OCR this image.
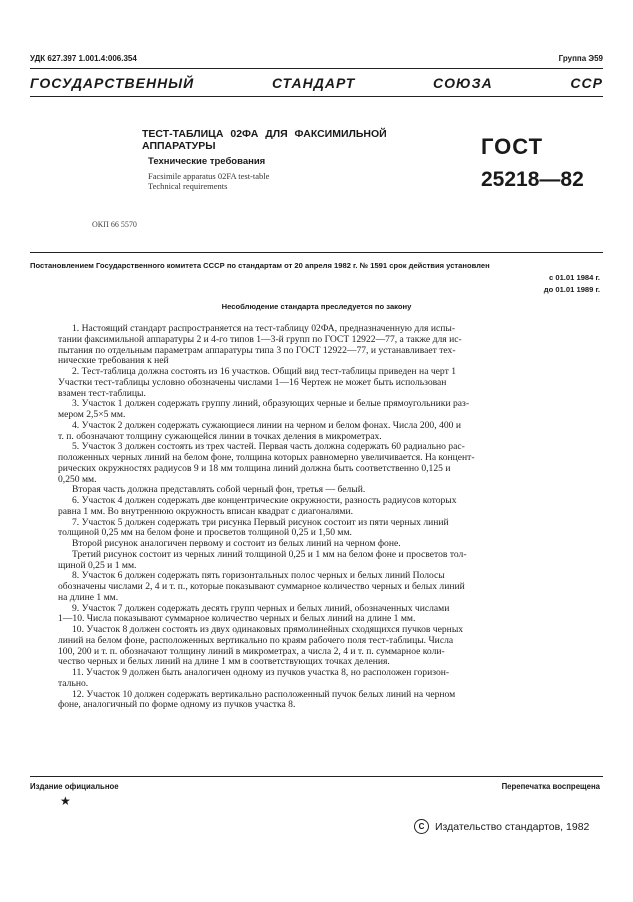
УДК 627.397 1.001.4:006.354	Группа Э59
ГОСУДАРСТВЕННЫЙ	СТАНДАРТ	СОЮЗА	ССР
ТЕСТ-ТАБЛИЦА 02ФА ДЛЯ ФАКСИМИЛЬНОЙ АППАРАТУРЫ
Технические требования
Facsimile apparatus 02FA test-table
Technical requirements
ГОСТ
25218—82
ОКП 66 5570
Постановлением Государственного комитета СССР по стандартам от 20 апреля 1982 г. № 1591 срок действия установлен
с 01.01 1984 г.
до 01.01 1989 г.
Несоблюдение стандарта преследуется по закону
1. Настоящий стандарт распространяется на тест-таблицу 02ФА, предназначенную для испы-
тании факсимильной аппаратуры 2 и 4-го типов 1—3-й групп по ГОСТ 12922—77, а также для ис-
пытания по отдельным параметрам аппаратуры типа 3 по ГОСТ 12922—77, и устанавливает тех-
нические требования к ней
2. Тест-таблица должна состоять из 16 участков. Общий вид тест-таблицы приведен на черт 1
Участки тест-таблицы условно обозначены числами 1—16 Чертеж не может быть использован
взамен тест-таблицы.
3. Участок 1 должен содержать группу линий, образующих черные и белые прямоугольники раз-
мером 2,5×5 мм.
4. Участок 2 должен содержать сужающиеся линии на черном и белом фонах. Числа 200, 400 и
т. п. обозначают толщину сужающейся линии в точках деления в микрометрах.
5. Участок 3 должен состоять из трех частей. Первая часть должна содержать 60 радиально рас-
положенных черных линий на белом фоне, толщина которых равномерно увеличивается. На концент-
рических окружностях радиусов 9 и 18 мм толщина линий должна быть соответственно 0,125 и
0,250 мм.
Вторая часть должна представлять собой черный фон, третья — белый.
6. Участок 4 должен содержать две концентрические окружности, разность радиусов которых
равна 1 мм. Во внутреннюю окружность вписан квадрат с диагоналями.
7. Участок 5 должен содержать три рисунка Первый рисунок состоит из пяти черных линий
толщиной 0,25 мм на белом фоне и просветов толщиной 0,25 и 1,50 мм.
Второй рисунок аналогичен первому и состоит из белых линий на черном фоне.
Третий рисунок состоит из черных линий толщиной 0,25 и 1 мм на белом фоне и просветов тол-
щиной 0,25 и 1 мм.
8. Участок 6 должен содержать пять горизонтальных полос черных и белых линий Полосы
обозначены числами 2, 4 и т. п., которые показывают суммарное количество черных и белых линий
на длине 1 мм.
9. Участок 7 должен содержать десять групп черных и белых линий, обозначенных числами
1—10. Числа показывают суммарное количество черных и белых линий на длине 1 мм.
10. Участок 8 должен состоять из двух одинаковых прямолинейных сходящихся пучков черных
линий на белом фоне, расположенных вертикально по краям рабочего поля тест-таблицы. Числа
100, 200 и т. п. обозначают толщину линий в микрометрах, а числа 2, 4 и т. п. суммарное коли-
чество черных и белых линий на длине 1 мм в соответствующих точках деления.
11. Участок 9 должен быть аналогичен одному из пучков участка 8, но расположен горизон-
тально.
12. Участок 10 должен содержать вертикально расположенный пучок белых линий на черном
фоне, аналогичный по форме одному из пучков участка 8.
Издание официальное
★
Перепечатка воспрещена
C	Издательство стандартов, 1982
